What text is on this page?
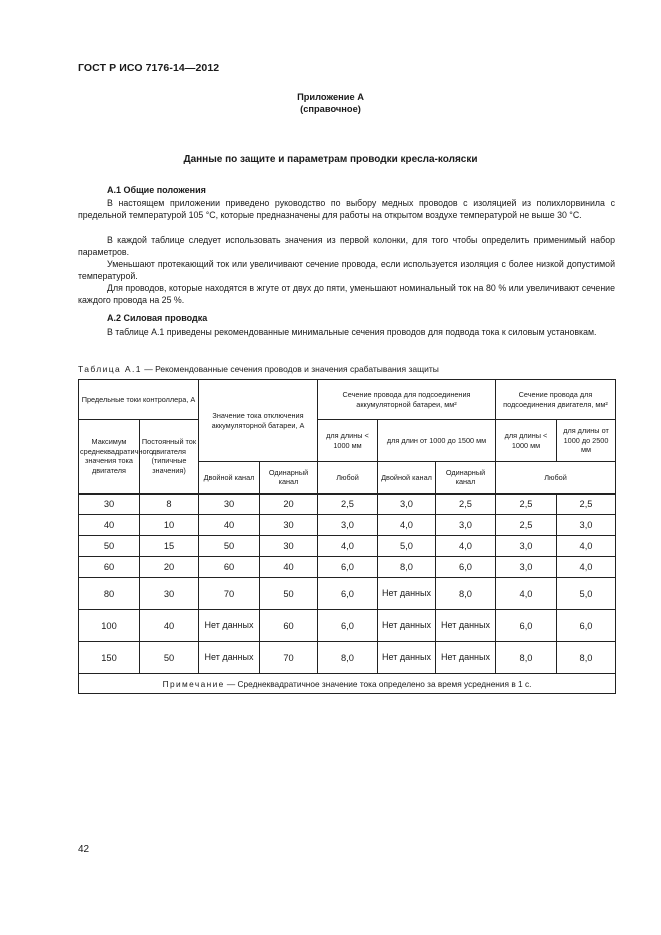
ГОСТ Р ИСО 7176-14—2012
Приложение А
(справочное)
Данные по защите и параметрам проводки кресла-коляски
А.1 Общие положения
В настоящем приложении приведено руководство по выбору медных проводов с изоляцией из полихлорвинила с предельной температурой 105 °С, которые предназначены для работы на открытом воздухе температурой не выше 30 °С.
В каждой таблице следует использовать значения из первой колонки, для того чтобы определить применимый набор параметров.
Уменьшают протекающий ток или увеличивают сечение провода, если используется изоляция с более низкой допустимой температурой.
Для проводов, которые находятся в жгуте от двух до пяти, уменьшают номинальный ток на 80 % или увеличивают сечение каждого провода на 25 %.
А.2 Силовая проводка
В таблице А.1 приведены рекомендованные минимальные сечения проводов для подвода тока к силовым установкам.
Таблица А.1 — Рекомендованные сечения проводов и значения срабатывания защиты
Предельные токи контроллера, А		Значение тока отключения аккумуляторной батареи, А		Сечение провода для подсоединения аккумуляторной батареи, мм²			Сечение провода для подсоединения двигателя, мм²	
Максимум среднеквадратичного значения тока двигателя	Постоянный ток двигателя (типичные значения)			для длины < 1000 мм	для длин от 1000 до 1500 мм		для длины < 1000 мм	для длины от 1000 до 2500 мм
		Двойной канал	Одинарный канал	Любой	Двойной канал	Одинарный канал	Любой	
30	8	30	20	2,5	3,0	2,5	2,5	2,5
40	10	40	30	3,0	4,0	3,0	2,5	3,0
50	15	50	30	4,0	5,0	4,0	3,0	4,0
60	20	60	40	6,0	8,0	6,0	3,0	4,0
80	30	70	50	6,0	Нет данных	8,0	4,0	5,0
100	40	Нет данных	60	6,0	Нет данных	Нет данных	6,0	6,0
150	50	Нет данных	70	8,0	Нет данных	Нет данных	8,0	8,0
Примечание — Среднеквадратичное значение тока определено за время усреднения в 1 с.								
42
